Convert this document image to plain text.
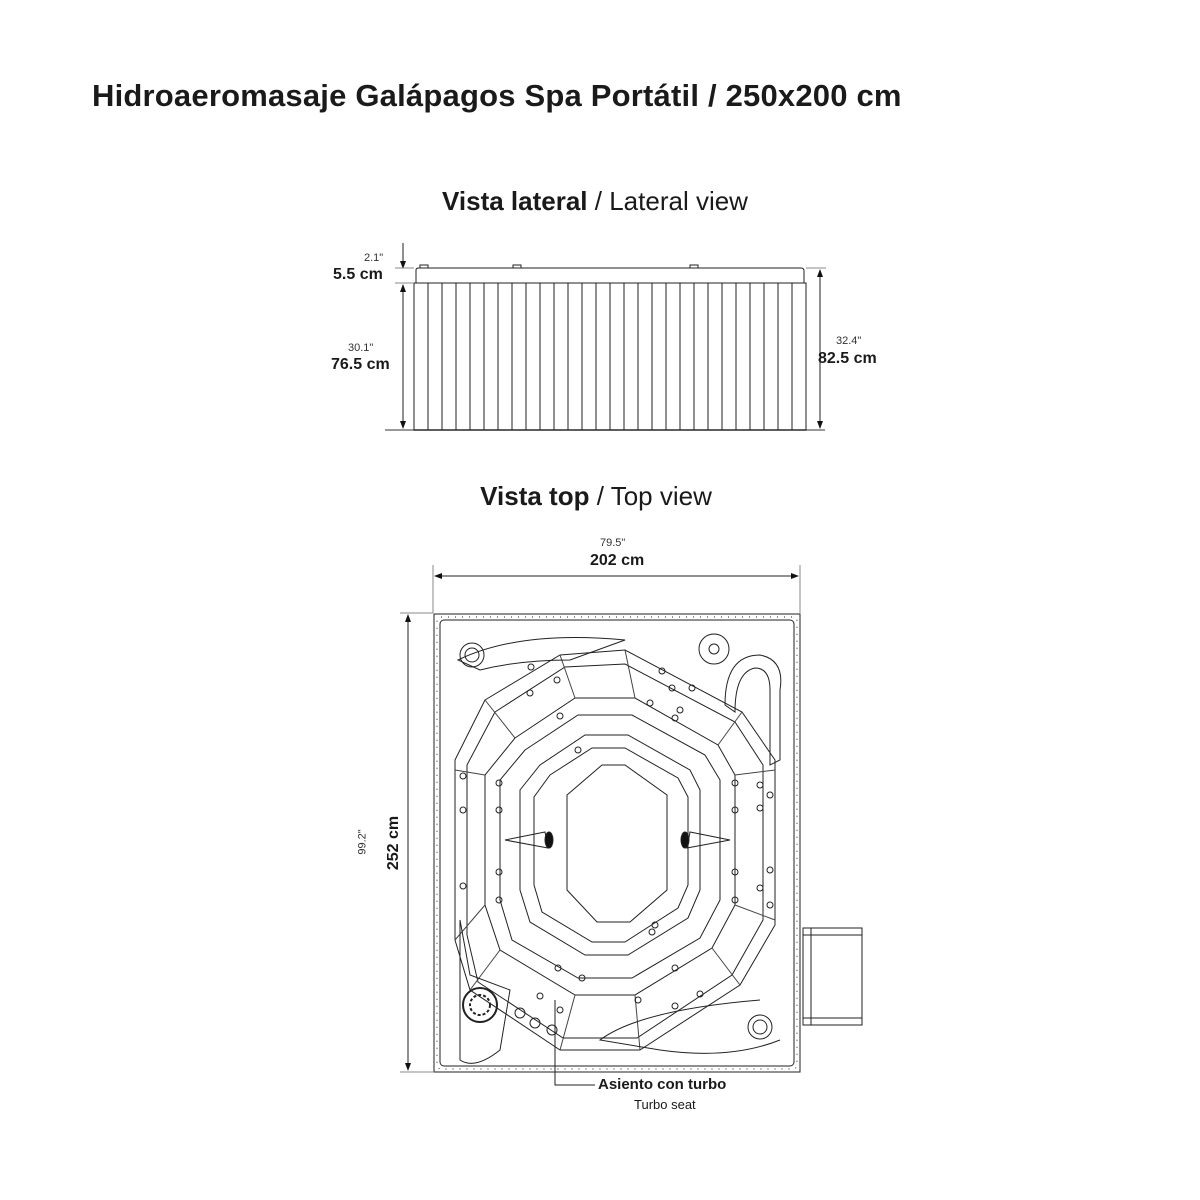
Hidroaeromasaje Galápagos Spa Portátil / 250x200 cm
Vista lateral / Lateral view
Vista top / Top view
2.1"
5.5 cm
30.1"
76.5 cm
32.4"
82.5 cm
79.5"
202 cm
99.2" 252 cm
Asiento con turbo
Turbo seat
